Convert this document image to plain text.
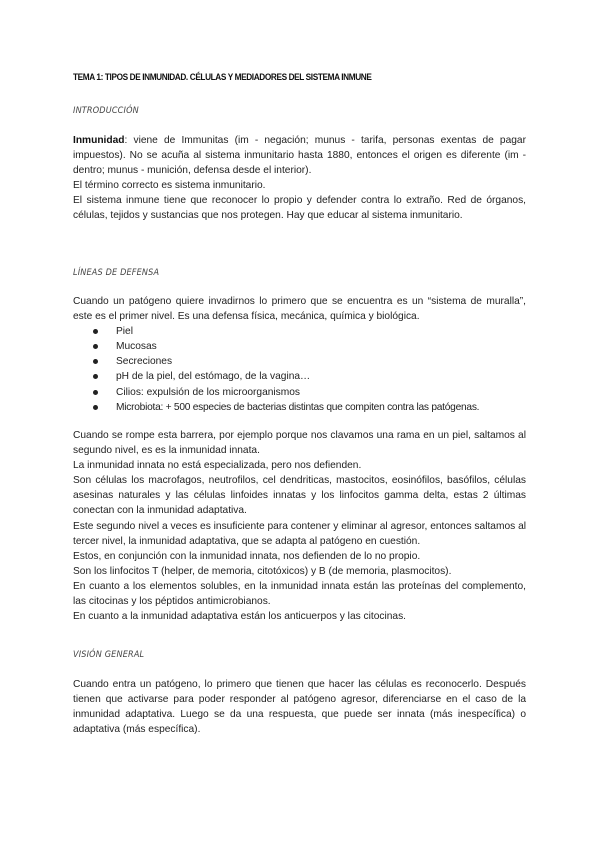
TEMA 1: TIPOS DE INMUNIDAD. CÉLULAS Y MEDIADORES DEL SISTEMA INMUNE
INTRODUCCIÓN

Inmunidad: viene de Immunitas (im - negación; munus - tarifa, personas exentas de pagar impuestos). No se acuña al sistema inmunitario hasta 1880, entonces el origen es diferente (im - dentro; munus - munición, defensa desde el interior).

El término correcto es sistema inmunitario.

El sistema inmune tiene que reconocer lo propio y defender contra lo extraño. Red de órganos, células, tejidos y sustancias que nos protegen. Hay que educar al sistema inmunitario.

LÍNEAS DE DEFENSA

Cuando un patógeno quiere invadirnos lo primero que se encuentra es un “sistema de muralla”, este es el primer nivel. Es una defensa física, mecánica, química y biológica.

Piel
Mucosas
Secreciones
pH de la piel, del estómago, de la vagina…
Cilios: expulsión de los microorganismos
Microbiota: + 500 especies de bacterias distintas que compiten contra las patógenas.

Cuando se rompe esta barrera, por ejemplo porque nos clavamos una rama en un piel, saltamos al segundo nivel, es es la inmunidad innata.

La inmunidad innata no está especializada, pero nos defienden.

Son células los macrofagos, neutrofilos, cel dendriticas, mastocitos, eosinófilos, basófilos, células asesinas naturales y las células linfoides innatas y los linfocitos gamma delta, estas 2 últimas conectan con la inmunidad adaptativa.

Este segundo nivel a veces es insuficiente para contener y eliminar al agresor, entonces saltamos al tercer nivel, la inmunidad adaptativa, que se adapta al patógeno en cuestión.

Estos, en conjunción con la inmunidad innata, nos defienden de lo no propio.

Son los linfocitos T (helper, de memoria, citotóxicos) y B (de memoria, plasmocitos).

En cuanto a los elementos solubles, en la inmunidad innata están las proteínas del complemento, las citocinas y los péptidos antimicrobianos.

En cuanto a la inmunidad adaptativa están los anticuerpos y las citocinas.

VISIÓN GENERAL

Cuando entra un patógeno, lo primero que tienen que hacer las células es reconocerlo. Después tienen que activarse para poder responder al patógeno agresor, diferenciarse en el caso de la inmunidad adaptativa. Luego se da una respuesta, que puede ser innata (más inespecífica) o adaptativa (más específica).
